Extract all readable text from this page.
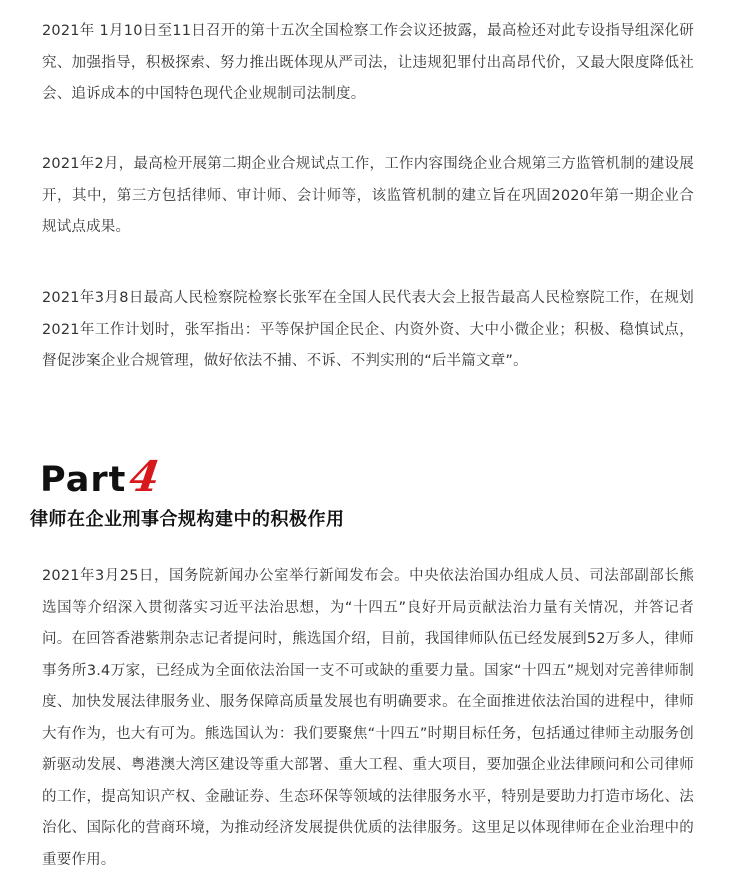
2021年 1月10日至11日召开的第十五次全国检察工作会议还披露，最高检还对此专设指导组深化研究、加强指导，积极探索、努力推出既体现从严司法，让违规犯罪付出高昂代价，又最大限度降低社会、追诉成本的中国特色现代企业规制司法制度。

2021年2月，最高检开展第二期企业合规试点工作，工作内容围绕企业合规第三方监管机制的建设展开，其中，第三方包括律师、审计师、会计师等，该监管机制的建立旨在巩固2020年第一期企业合规试点成果。

2021年3月8日最高人民检察院检察长张军在全国人民代表大会上报告最高人民检察院工作，在规划2021年工作计划时，张军指出：平等保护国企民企、内资外资、大中小微企业；积极、稳慎试点，督促涉案企业合规管理，做好依法不捕、不诉、不判实刑的“后半篇文章”。

Part 4
律师在企业刑事合规构建中的积极作用

2021年3月25日，国务院新闻办公室举行新闻发布会。中央依法治国办组成人员、司法部副部长熊选国等介绍深入贯彻落实习近平法治思想，为“十四五”良好开局贡献法治力量有关情况，并答记者问。在回答香港紫荆杂志记者提问时，熊选国介绍，目前，我国律师队伍已经发展到52万多人，律师事务所3.4万家，已经成为全面依法治国一支不可或缺的重要力量。国家“十四五”规划对完善律师制度、加快发展法律服务业、服务保障高质量发展也有明确要求。在全面推进依法治国的进程中，律师大有作为，也大有可为。熊选国认为：我们要聚焦“十四五”时期目标任务，包括通过律师主动服务创新驱动发展、粤港澳大湾区建设等重大部署、重大工程、重大项目，要加强企业法律顾问和公司律师的工作，提高知识产权、金融证券、生态环保等领域的法律服务水平，特别是要助力打造市场化、法治化、国际化的营商环境，为推动经济发展提供优质的法律服务。这里足以体现律师在企业治理中的重要作用。
